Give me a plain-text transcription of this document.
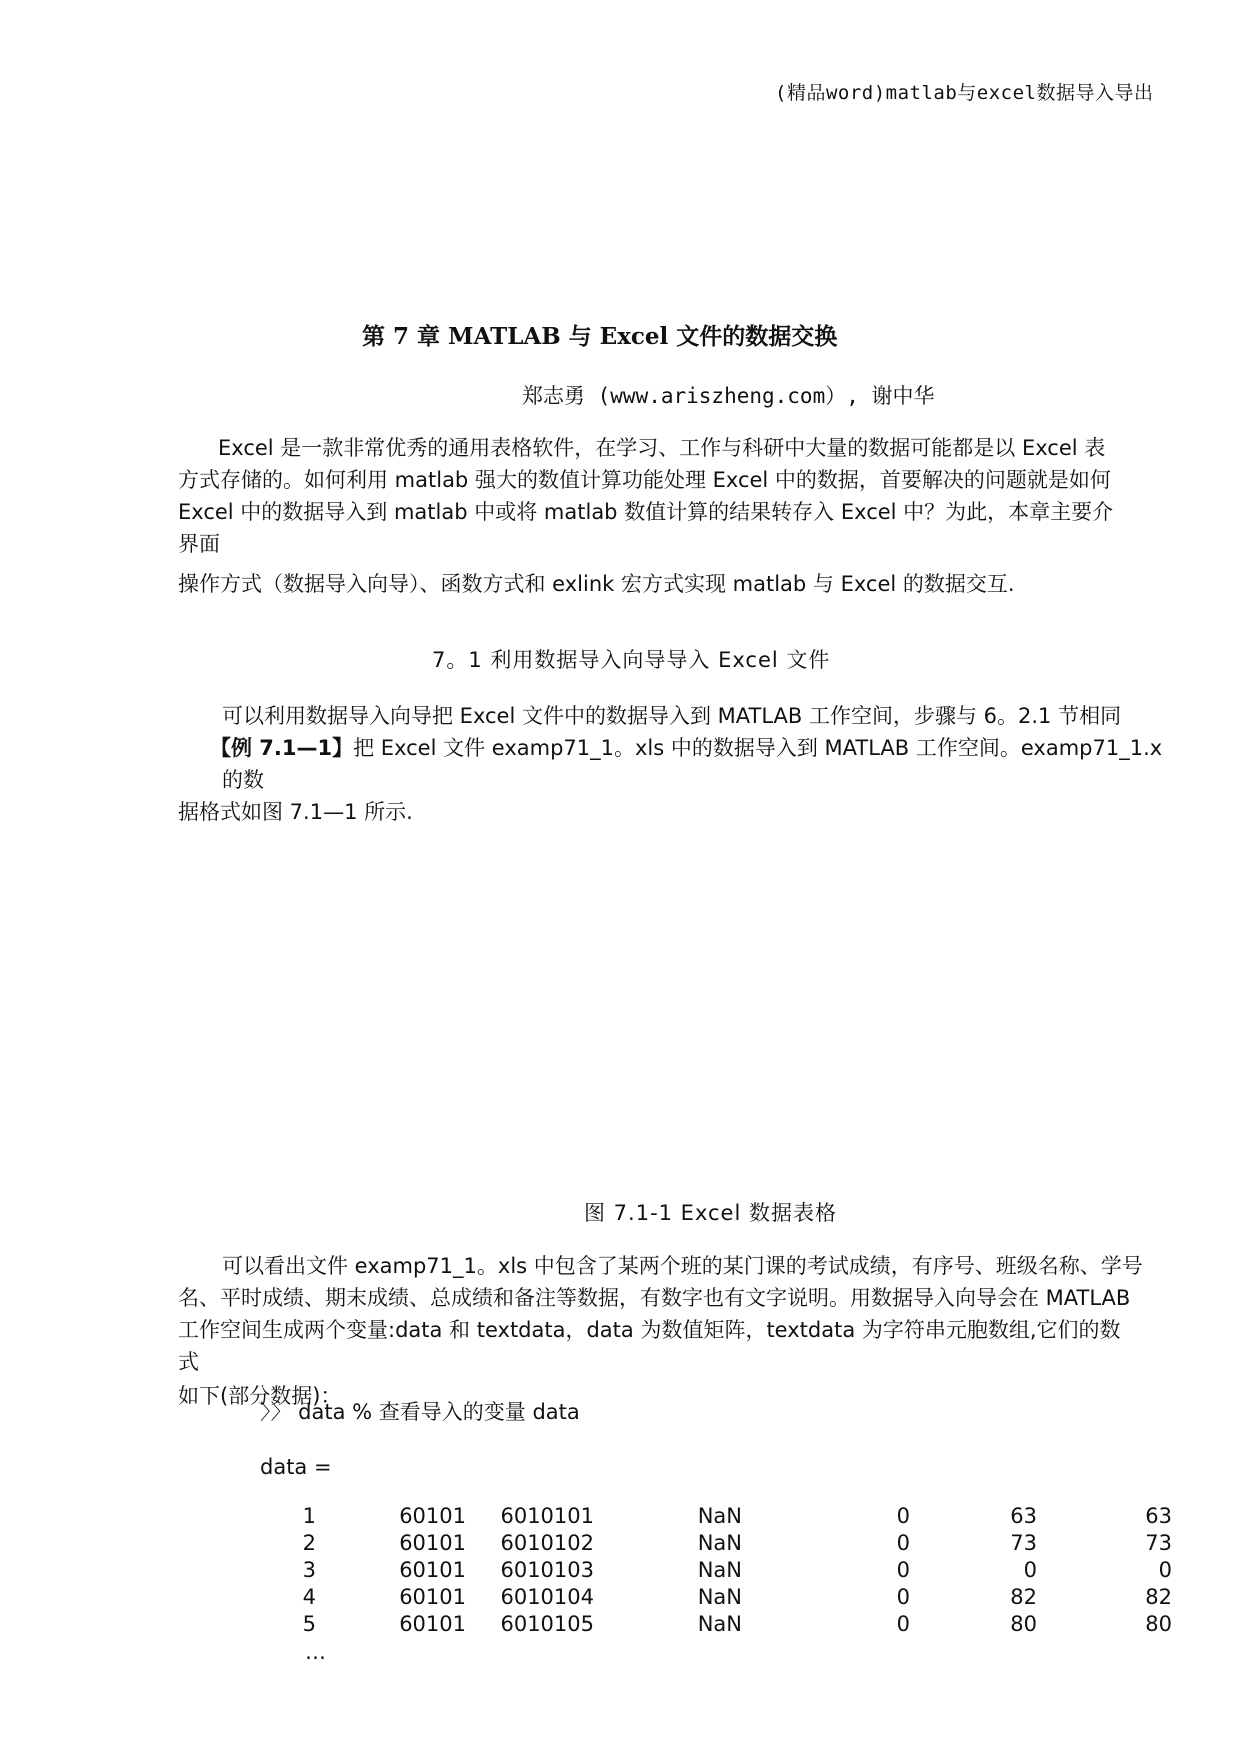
(精品word)matlab与excel数据导入导出
第 7 章 MATLAB 与 Excel 文件的数据交换
郑志勇 (www.ariszheng.com）, 谢中华
Excel 是一款非常优秀的通用表格软件，在学习、工作与科研中大量的数据可能都是以 Excel 表
方式存储的。如何利用 matlab 强大的数值计算功能处理 Excel 中的数据，首要解决的问题就是如何
Excel 中的数据导入到 matlab 中或将 matlab 数值计算的结果转存入 Excel 中？为此，本章主要介
界面
操作方式（数据导入向导）、函数方式和 exlink 宏方式实现 matlab 与 Excel 的数据交互.
7。1 利用数据导入向导导入 Excel 文件
可以利用数据导入向导把 Excel 文件中的数据导入到 MATLAB 工作空间，步骤与 6。2.1 节相同
【例 7.1—1】把 Excel 文件 examp71_1。xls 中的数据导入到 MATLAB 工作空间。examp71_1.x
的数
据格式如图 7.1—1 所示.
图 7.1-1 Excel 数据表格
可以看出文件 examp71_1。xls 中包含了某两个班的某门课的考试成绩，有序号、班级名称、学号
名、平时成绩、期末成绩、总成绩和备注等数据，有数字也有文字说明。用数据导入向导会在 MATLAB
工作空间生成两个变量:data 和 textdata，data 为数值矩阵，textdata 为字符串元胞数组,它们的数
式
如下(部分数据)：
〉〉 data % 查看导入的变量 data
data =
1	60101	6010101	NaN	0	63	63
2	60101	6010102	NaN	0	73	73
3	60101	6010103	NaN	0	0	0
4	60101	6010104	NaN	0	82	82
5	60101	6010105	NaN	0	80	80
…
